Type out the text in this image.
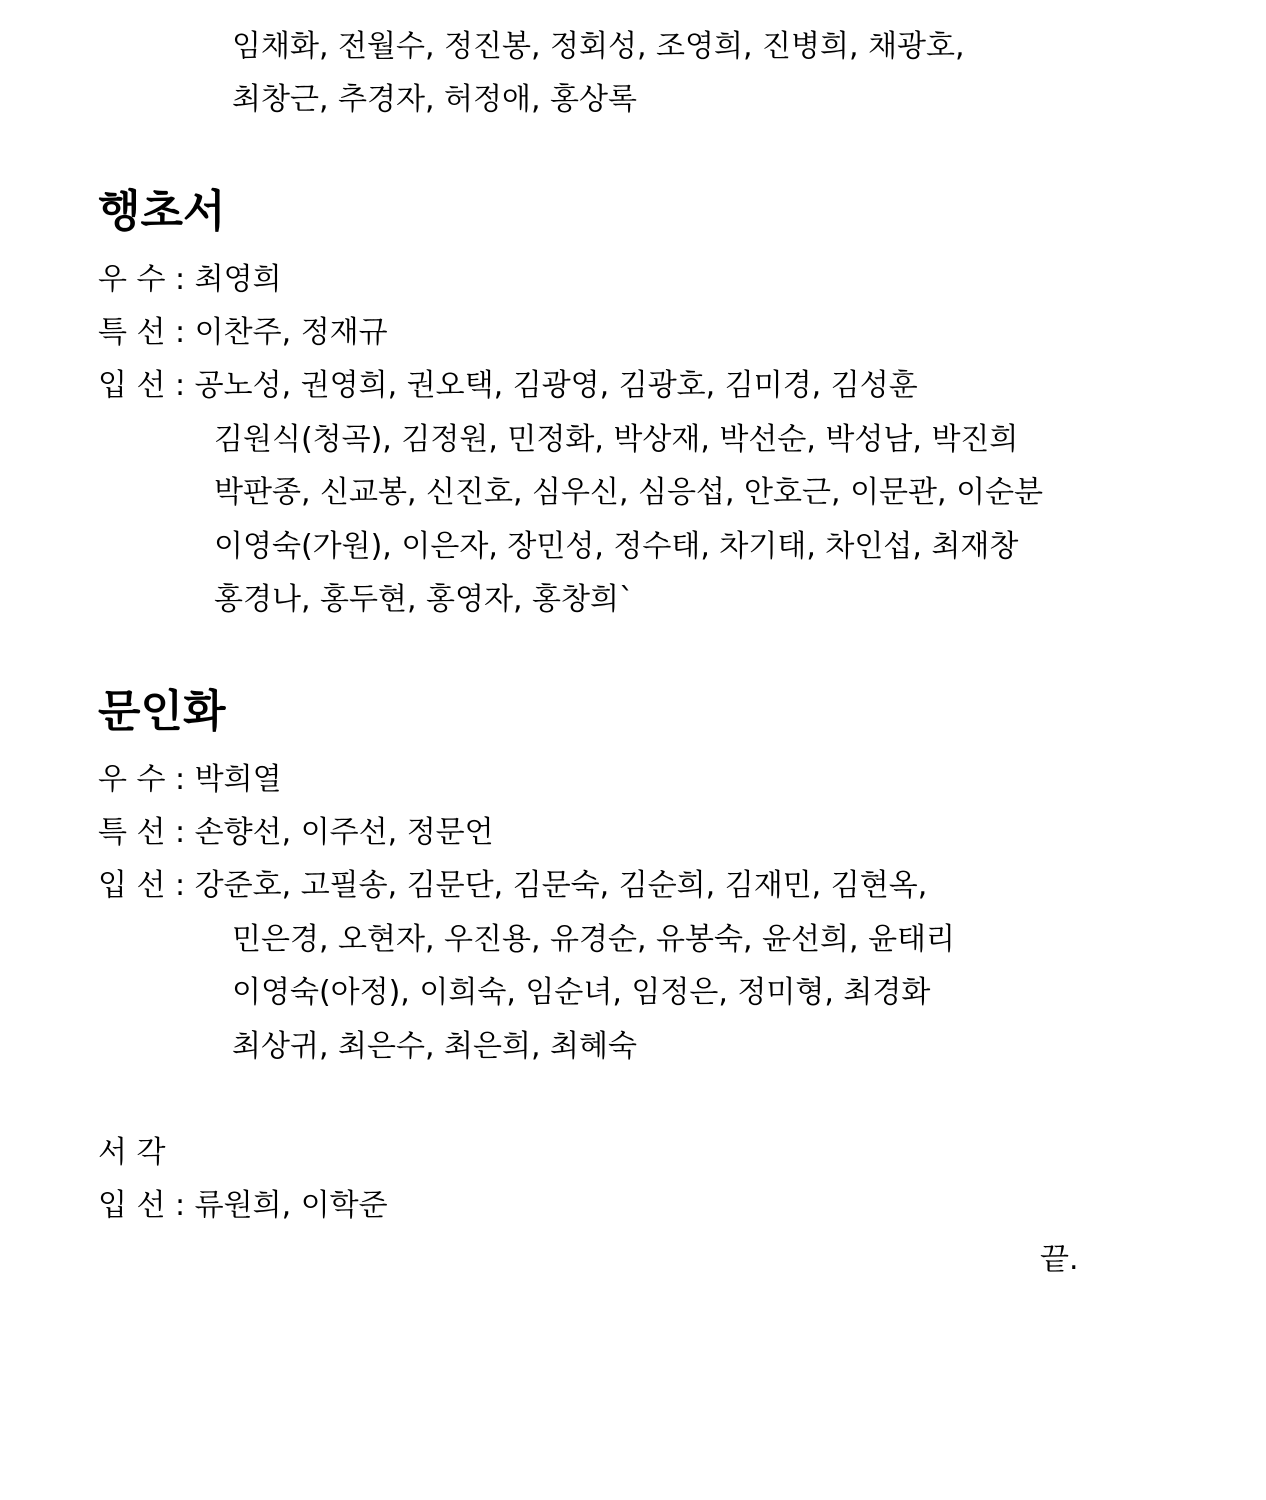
임채화, 전월수, 정진봉, 정회성, 조영희, 진병희, 채광호,
최창근, 추경자, 허정애, 홍상록
행초서
우 수 : 최영희
특 선 : 이찬주, 정재규
입 선 : 공노성, 권영희, 권오택, 김광영, 김광호, 김미경, 김성훈
김원식(청곡), 김정원, 민정화, 박상재, 박선순, 박성남, 박진희
박판종, 신교봉, 신진호, 심우신, 심응섭, 안호근, 이문관, 이순분
이영숙(가원), 이은자, 장민성, 정수태, 차기태, 차인섭, 최재창
홍경나, 홍두현, 홍영자, 홍창희`
문인화
우 수 : 박희열
특 선 : 손향선, 이주선, 정문언
입 선 : 강준호, 고필송, 김문단, 김문숙, 김순희, 김재민, 김현옥,
민은경, 오현자, 우진용, 유경순, 유봉숙, 윤선희, 윤태리
이영숙(아정), 이희숙, 임순녀, 임정은, 정미형, 최경화
최상귀, 최은수, 최은희, 최혜숙
서 각
입 선 : 류원희, 이학준
끝.
